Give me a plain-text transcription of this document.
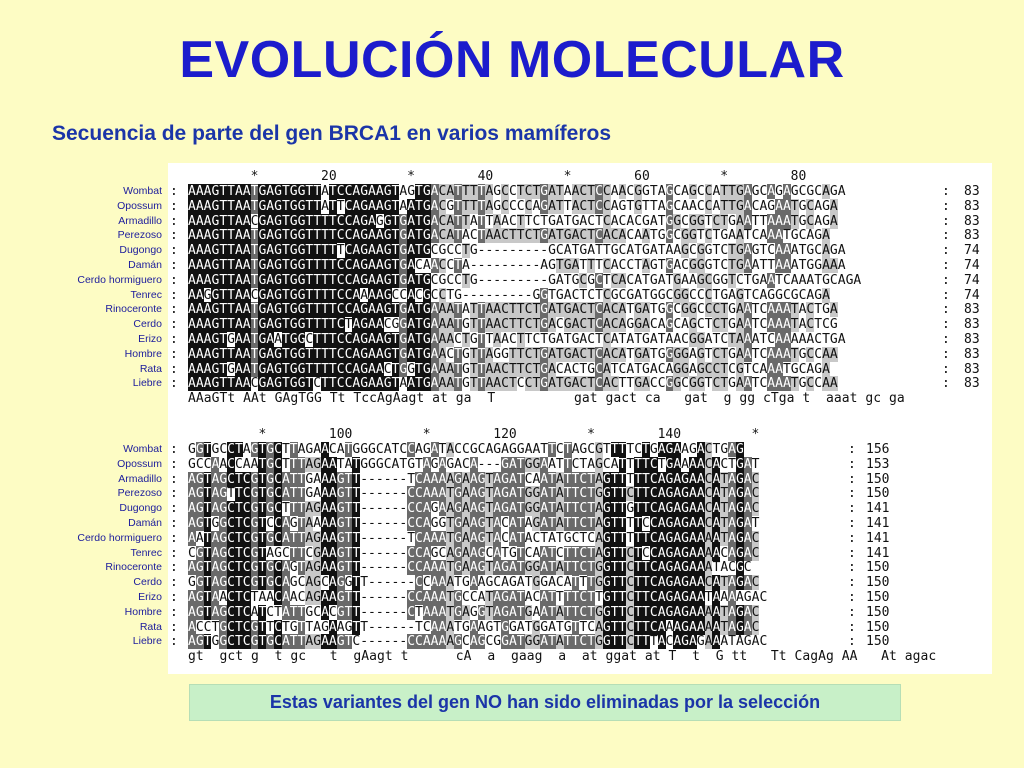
EVOLUCIÓN MOLECULAR
Secuencia de parte del gen BRCA1 en varios mamíferos
*        20         *        40         *        60         *        80
Wombat : AAAGTTAATGAGTGGTTATCCAGAAGTAGTGACATTTTAGCCTCTGATAACTCCAACGGTAGCAGCCATTGAGCAGAGCGCAGA	: 83
Opossum : AAAGTTAATGAGTGGTTATTCAGAAGTAATGACGTTTTAGCCCCAGATTACTCCAGTGTTAGCAACCATTGACAGAATGCAGA	: 83
Armadillo : AAAGTTAACGAGTGGTTTTCCAGAGGTGATGACATTATTAACTTCTGATGACTCACACGATGGCGGTCTGAATTAAATGCAGA	: 83
Perezoso : AAAGTTAATGAGTGGTTTTCCAGAAGTGATGACATACTAACTTCTGATGACTCACACAATGGCGGTCTGAATCAAATGCAGA	: 83
Dugongo : AAAGTTAATGAGTGGTTTTTCAGAAGTGATGCGCCTG---------GCATGATTGCATGATAAGCGGTCTGAGTCAAATGCAGA	: 74
Damán : AAAGTTAATGAGTGGTTTTCCAGAAGTGACAACCTA---------AGTGATTTCACCTAGTGACGGGTCTGAATTAAATGGAAA	: 74
Cerdo hormiguero : AAAGTTAATGAGTGGTTTTCCAGAAGTGATGCGCCTG---------GATGCGCTCACATGATGAAGCGGTCTGAATCAAATGCAGA	: 74
Tenrec : AAGGTTAACGAGTGGTTTTCCAAAAGCCACGCCTG---------GGTGACTCTCGCGATGGCGGCCCTGAGTCAGGCGCAGA	: 74
Rinoceronte : AAAGTTAATGAGTGGTTTTCCAGAAGTGATGAAATATTAACTTCTGATGACTCACATGATGGCGGCCCTGAATCAAATACTGA	: 83
Cerdo : AAAGTTAATGAGTGGTTTTCTAGAACGGATGAAATGTTAACTTCTGACGACTCACAGGACAGCAGCTCTGAATCAAATACTCG	: 83
Erizo : AAAGTGAATGAATGGCTTTCCAGAAGTGATGAAACTGTTAACTTCTGATGACTCATATGATAACGGATCTAAATCAAAAACTGA	: 83
Hombre : AAAGTTAATGAGTGGTTTTCCAGAAGTGATGAACTGTTAGGTTCTGATGACTCACATGATGGGGAGTCTGAATCAAATGCCAA	: 83
Rata : AAAGTGAATGAGTGGTTTTCCAGAACTGGTGAAATGTTAACTTCTGACACTGCATCATGACAGGAGCCTCGTCAAATGCAGA	: 83
Liebre : AAAGTTAACGAGTGGTCTTCCAGAAGTAATGAAATGTTAACTCCTGATGACTCACTTGACCGGCGGTCTGAATCAAATGCCAA	: 83
AAaGTt AAt GAgTGG Tt TccAgAagt at ga  T          gat gact ca   gat  g gg cTga t  aaat gc ga
*        100         *        120         *        140         *
Wombat : GGTGCCTAGTGCTTAGAACATGGGCATCCAGATACCGCAGAGGAATTCTAGCGTTTTCTGAGAAGACTGAG	: 156
Opossum : GCCAACCAATGCTTTAGAATATGGGCATGTAGAGACA---GATGGAATTCTAGCATTTTCTGAAAACACTGAT	: 153
Armadillo : AGTAGCTCGTGCATTGAAAGTT------TCAAAAGAAGTAGATCAATATTCTAGTTTTTCAGAGAACATAGAC	: 150
Perezoso : AGTAGTTCGTGCATTGAAAGTT------CCAAATGAAGTAGATGGATATTCTGGTTCTTCAGAGAACATAGAC	: 150
Dugongo : AGTAGCTCGTGCTTTAGAAGTT------CCAGAAGAAGTAGATGGATATTCTAGTTGTTCAGAGAACATAGAC	: 141
Damán : AGTGGCTCGTCCAGTAAAAGTT------CCAGGTGAAGTACATAGATATTCTAGTTTTCCAGAGAACATAGAT	: 141
Cerdo hormiguero : AATAGCTCGTGCATTAGAAGTT------TCAAATGAAGTACATACTATGCTCAGTTTTTCAGAGAAAATAGAC	: 141
Tenrec : CGTAGCTCGTAGCTTCGAAGTT------CCAGCAGAAGCATGTCAATCTTCTAGTTCTCCAGAGAAAACAGAC	: 141
Rinoceronte : AGTAGCTCGTGCAGTAGAAGTT------CCAAATGAAGTAGATGGATATTCTGGTTCTTCAGAGAAATACGC	: 150
Cerdo : GGTAGCTCGTGCAGCAGCAGGTT------CCAAATGAAGCAGATGGACATTTGGTTCTTCAGAGAACATAGAC	: 150
Erizo : AGTAACTCTAACAACAGAAGTT------CCAAATGCCATAGATACATTTTCTTGTTCTTCAGAGAATAAAAGAC	: 150
Hombre : AGTAGCTCATCTATTGCACGTT------CTAAATGAGGTAGATGAATATTCTGGTTCTTCAGAGAAAATAGAC	: 150
Rata : ACCTGCTCGTTCTGTTAGAAGTT------TCAAATGAAGTGGATGGATGTTCAGTTCTTCAAAGAAAATAGAC	: 150
Liebre : AGTGGCTCGTGCATTAGAAGTC------CCAAAAGCAGCGGATGGATATTCTGGTTCTTTACAGAGAAATAGAC	: 150
gt  gct g  t gc   t  gAagt t      cA  a  gaag  a  at ggat at T  t  G tt   Tt CagAg AA   At agac
Estas variantes del gen NO han sido eliminadas por la selección
